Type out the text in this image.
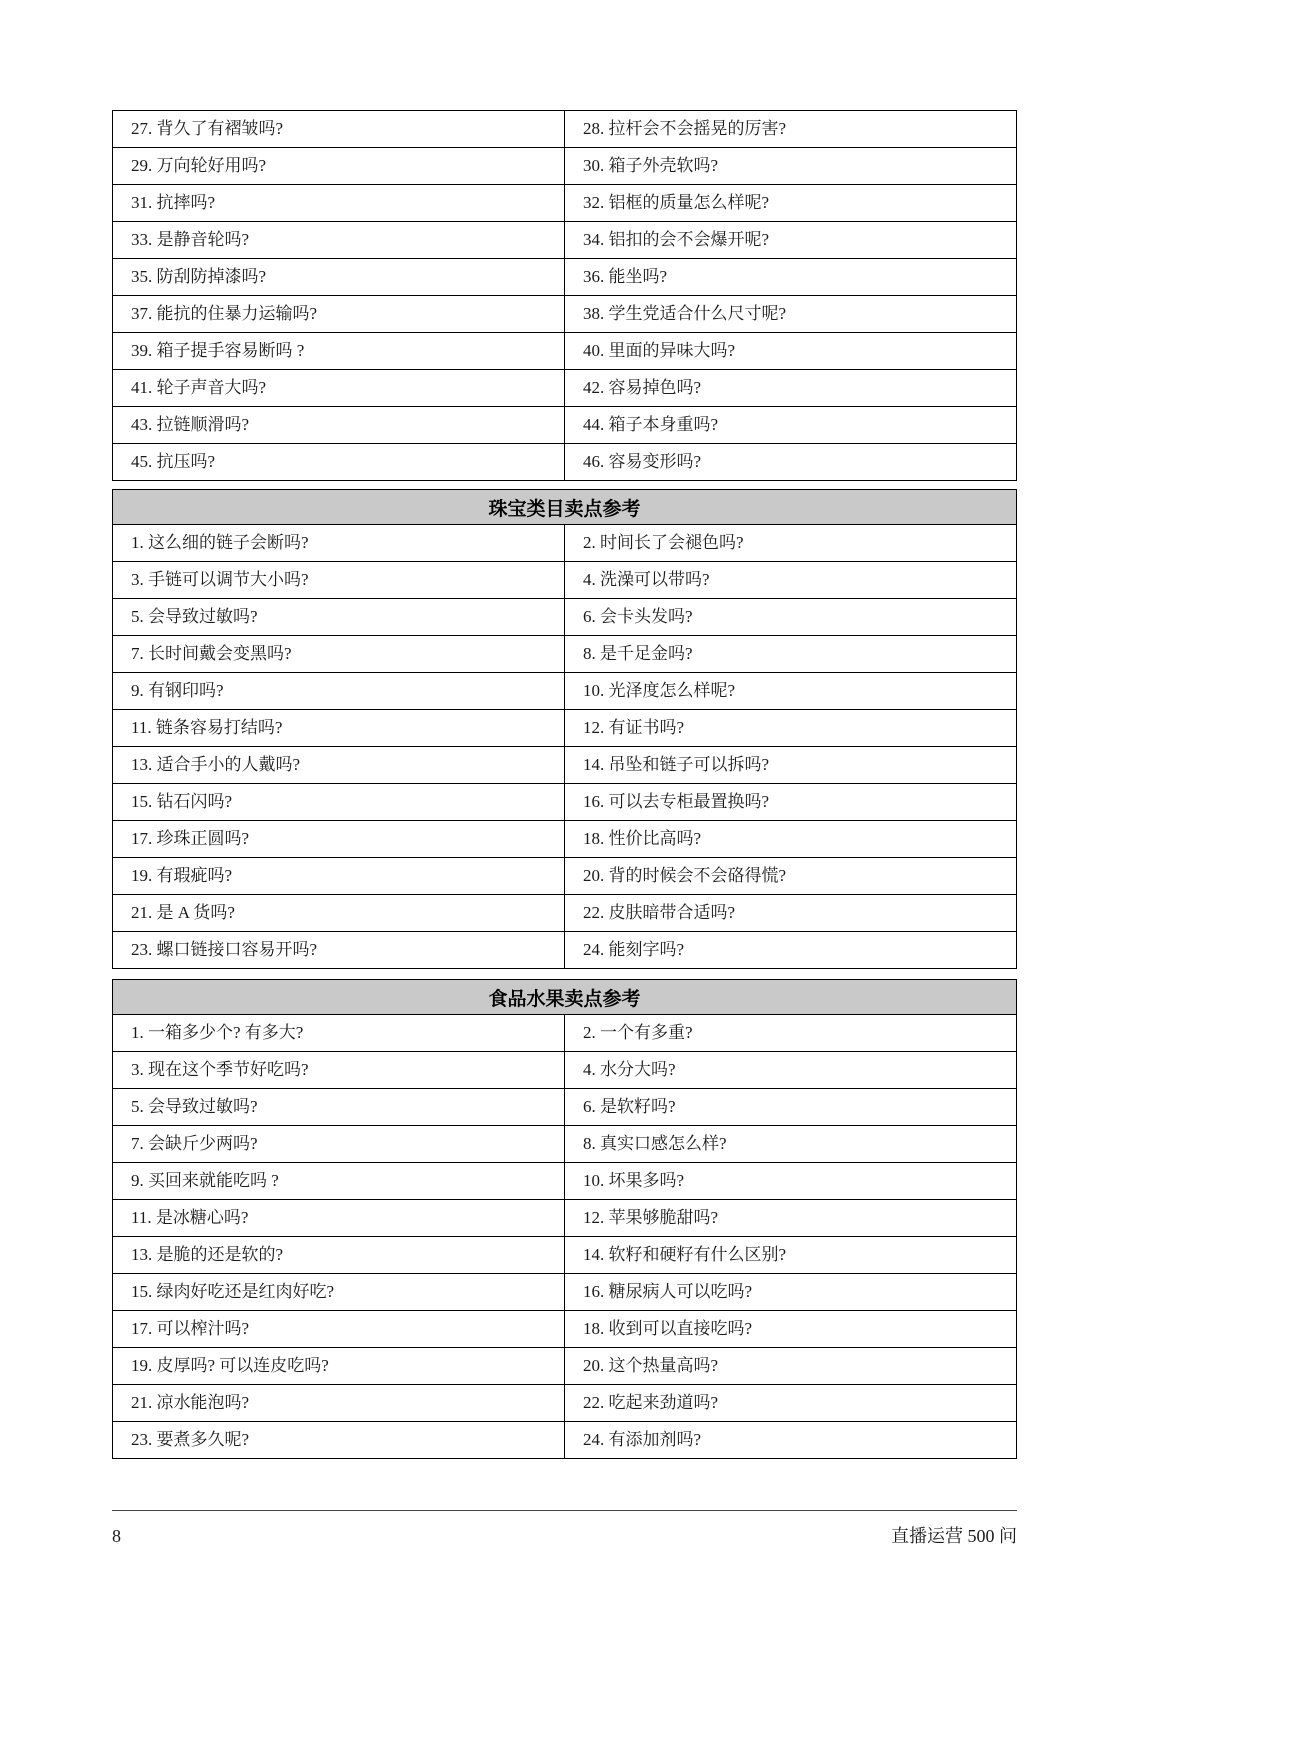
27. 背久了有褶皱吗?	28. 拉杆会不会摇晃的厉害?
29. 万向轮好用吗?	30. 箱子外壳软吗?
31. 抗摔吗?	32. 铝框的质量怎么样呢?
33. 是静音轮吗?	34. 铝扣的会不会爆开呢?
35. 防刮防掉漆吗?	36. 能坐吗?
37. 能抗的住暴力运输吗?	38. 学生党适合什么尺寸呢?
39. 箱子提手容易断吗 ?	40. 里面的异味大吗?
41. 轮子声音大吗?	42. 容易掉色吗?
43. 拉链顺滑吗?	44. 箱子本身重吗?
45. 抗压吗?	46. 容易变形吗?
珠宝类目卖点参考	
1. 这么细的链子会断吗?	2. 时间长了会褪色吗?
3. 手链可以调节大小吗?	4. 洗澡可以带吗?
5. 会导致过敏吗?	6. 会卡头发吗?
7. 长时间戴会变黑吗?	8. 是千足金吗?
9. 有钢印吗?	10. 光泽度怎么样呢?
11. 链条容易打结吗?	12. 有证书吗?
13. 适合手小的人戴吗?	14. 吊坠和链子可以拆吗?
15. 钻石闪吗?	16. 可以去专柜最置换吗?
17. 珍珠正圆吗?	18. 性价比高吗?
19. 有瑕疵吗?	20. 背的时候会不会硌得慌?
21. 是 A 货吗?	22. 皮肤暗带合适吗?
23. 螺口链接口容易开吗?	24. 能刻字吗?
食品水果卖点参考	
1. 一箱多少个? 有多大?	2. 一个有多重?
3. 现在这个季节好吃吗?	4. 水分大吗?
5. 会导致过敏吗?	6. 是软籽吗?
7. 会缺斤少两吗?	8. 真实口感怎么样?
9. 买回来就能吃吗 ?	10. 坏果多吗?
11. 是冰糖心吗?	12. 苹果够脆甜吗?
13. 是脆的还是软的?	14. 软籽和硬籽有什么区别?
15. 绿肉好吃还是红肉好吃?	16. 糖尿病人可以吃吗?
17. 可以榨汁吗?	18. 收到可以直接吃吗?
19. 皮厚吗? 可以连皮吃吗?	20. 这个热量高吗?
21. 凉水能泡吗?	22. 吃起来劲道吗?
23. 要煮多久呢?	24. 有添加剂吗?
8	直播运营 500 问
